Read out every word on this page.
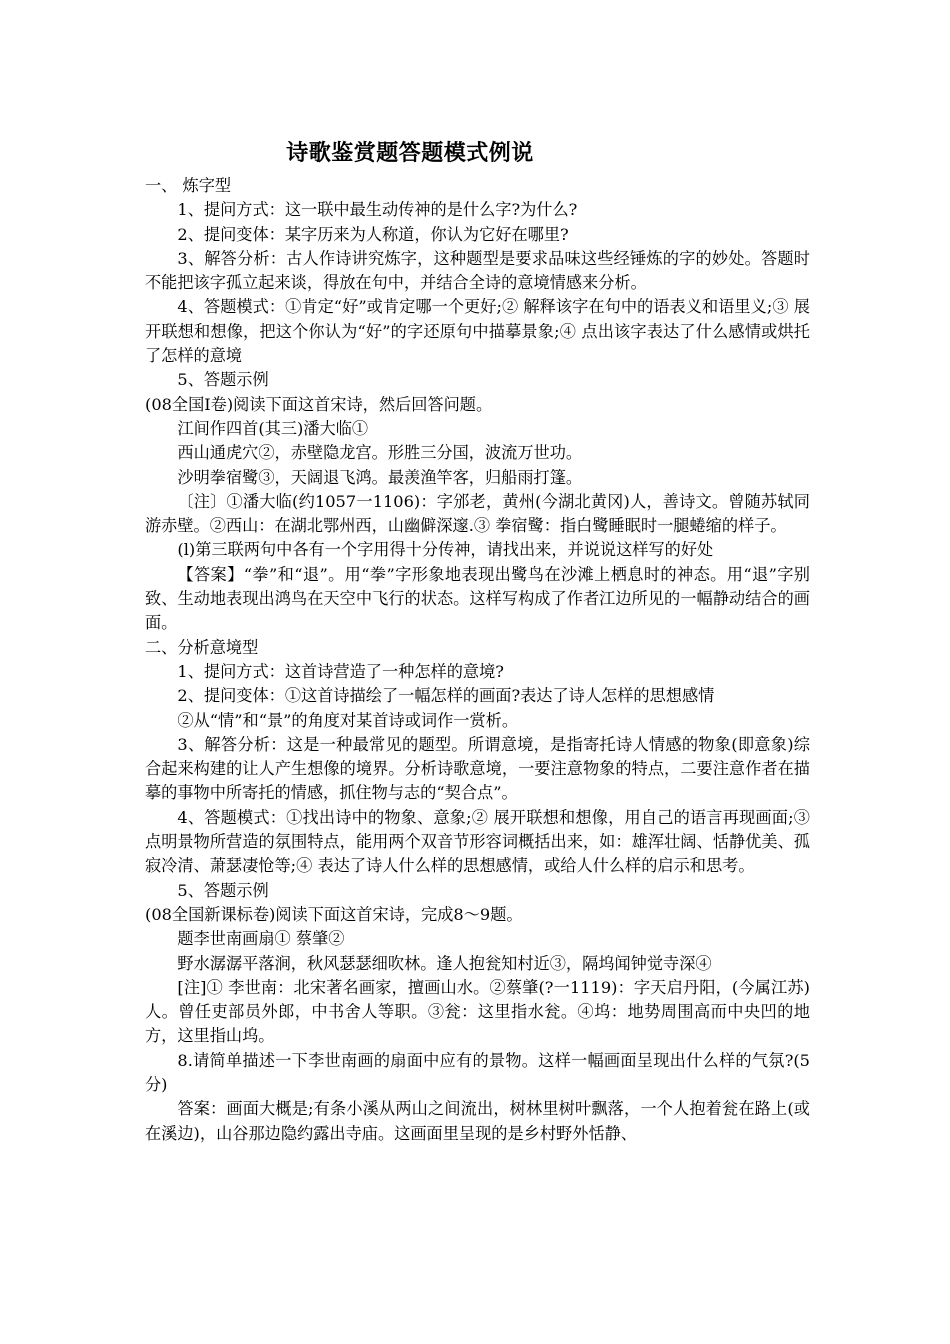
诗歌鉴赏题答题模式例说

一、 炼字型

1、提问方式：这一联中最生动传神的是什么字?为什么?

2、提问变体：某字历来为人称道，你认为它好在哪里?

3、解答分析：古人作诗讲究炼字，这种题型是要求品味这些经锤炼的字的妙处。答题时不能把该字孤立起来谈，得放在句中，并结合全诗的意境情感来分析。

4、答题模式：①肯定“好”或肯定哪一个更好;② 解释该字在句中的语表义和语里义;③ 展开联想和想像，把这个你认为“好”的字还原句中描摹景象;④ 点出该字表达了什么感情或烘托了怎样的意境

5、答题示例

(08全国Ⅰ卷)阅读下面这首宋诗，然后回答问题。

江间作四首(其三)潘大临①

西山通虎穴②，赤壁隐龙宫。形胜三分国，波流万世功。

沙明拳宿鹭③，天阔退飞鸿。最羡渔竿客，归船雨打篷。

〔注〕①潘大临(约1057一1106)：字邠老，黄州(今湖北黄冈)人，善诗文。曾随苏轼同游赤壁。②西山：在湖北鄂州西，山幽僻深邃.③ 拳宿鹭：指白鹭睡眠时一腿蜷缩的样子。

(l)第三联两句中各有一个字用得十分传神，请找出来，并说说这样写的好处

【答案】“拳”和“退”。用“拳”字形象地表现出鹭鸟在沙滩上栖息时的神态。用“退”字别致、生动地表现出鸿鸟在天空中飞行的状态。这样写构成了作者江边所见的一幅静动结合的画面。

二、分析意境型

1、提问方式：这首诗营造了一种怎样的意境?

2、提问变体：①这首诗描绘了一幅怎样的画面?表达了诗人怎样的思想感情

②从“情”和“景”的角度对某首诗或词作一赏析。

3、解答分析：这是一种最常见的题型。所谓意境，是指寄托诗人情感的物象(即意象)综合起来构建的让人产生想像的境界。分析诗歌意境，一要注意物象的特点，二要注意作者在描摹的事物中所寄托的情感，抓住物与志的“契合点”。

4、答题模式：①找出诗中的物象、意象;② 展开联想和想像，用自己的语言再现画面;③ 点明景物所营造的氛围特点，能用两个双音节形容词概括出来，如：雄浑壮阔、恬静优美、孤寂冷清、萧瑟凄怆等;④ 表达了诗人什么样的思想感情，或给人什么样的启示和思考。

5、答题示例

(08全国新课标卷)阅读下面这首宋诗，完成8～9题。

题李世南画扇① 蔡肇②

野水潺潺平落涧，秋风瑟瑟细吹林。逢人抱瓮知村近③，隔坞闻钟觉寺深④

[注]① 李世南：北宋著名画家，擅画山水。②蔡肇(?一1119)：字天启丹阳，(今属江苏)人。曾任吏部员外郎，中书舍人等职。③瓮：这里指水瓮。④坞：地势周围高而中央凹的地方，这里指山坞。

8.请简单描述一下李世南画的扇面中应有的景物。这样一幅画面呈现出什么样的气氛?(5分)

答案：画面大概是;有条小溪从两山之间流出，树林里树叶飘落，一个人抱着瓮在路上(或在溪边)，山谷那边隐约露出寺庙。这画面里呈现的是乡村野外恬静、
